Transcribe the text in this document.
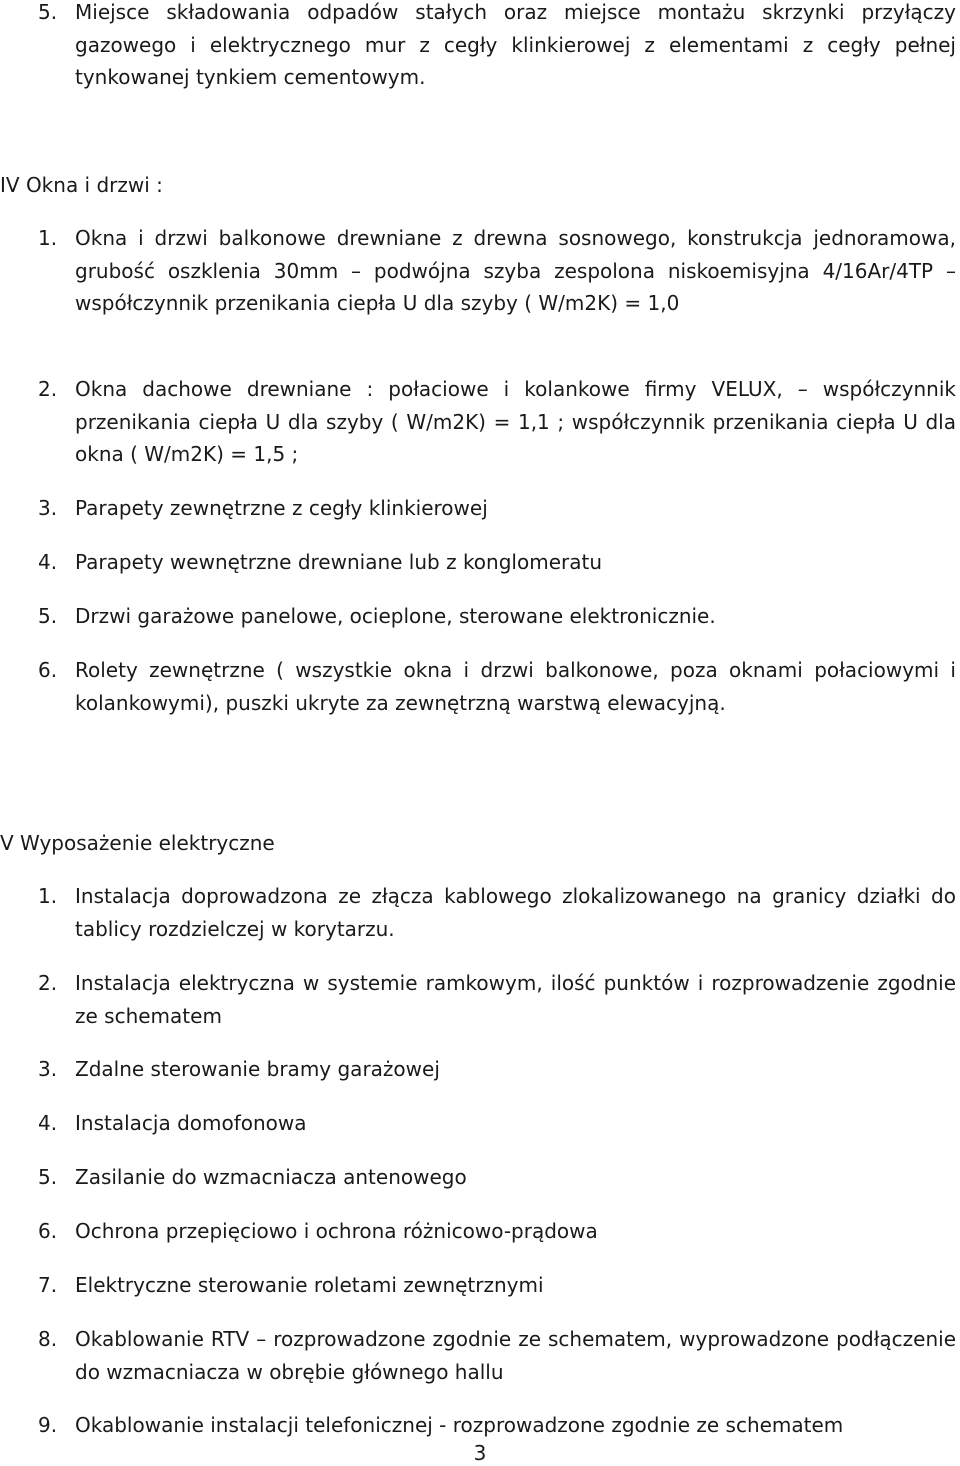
5. Miejsce składowania odpadów stałych oraz miejsce montażu skrzynki przyłączy gazowego i elektrycznego mur z cegły klinkierowej z elementami z cegły pełnej tynkowanej tynkiem cementowym.
IV Okna i drzwi :
1. Okna i drzwi balkonowe drewniane z drewna sosnowego, konstrukcja jednoramowa, grubość oszklenia 30mm – podwójna szyba zespolona niskoemisyjna 4/16Ar/4TP – współczynnik przenikania ciepła U dla szyby ( W/m2K) = 1,0
2. Okna dachowe drewniane : połaciowe i kolankowe firmy VELUX, – współczynnik przenikania ciepła U dla szyby ( W/m2K) = 1,1 ; współczynnik przenikania ciepła U dla okna ( W/m2K) = 1,5 ;
3. Parapety zewnętrzne z cegły klinkierowej
4. Parapety wewnętrzne drewniane lub z konglomeratu
5. Drzwi garażowe panelowe, ocieplone, sterowane elektronicznie.
6. Rolety zewnętrzne ( wszystkie okna i drzwi balkonowe, poza oknami połaciowymi i kolankowymi), puszki ukryte za zewnętrzną warstwą elewacyjną.
V Wyposażenie elektryczne
1. Instalacja doprowadzona ze złącza kablowego zlokalizowanego na granicy działki do tablicy rozdzielczej w korytarzu.
2. Instalacja elektryczna w systemie ramkowym, ilość punktów i rozprowadzenie zgodnie ze schematem
3. Zdalne sterowanie bramy garażowej
4. Instalacja domofonowa
5. Zasilanie do wzmacniacza antenowego
6. Ochrona przepięciowo i ochrona różnicowo-prądowa
7. Elektryczne sterowanie roletami zewnętrznymi
8. Okablowanie RTV – rozprowadzone zgodnie ze schematem, wyprowadzone podłączenie do wzmacniacza w obrębie głównego hallu
9. Okablowanie instalacji telefonicznej - rozprowadzone zgodnie ze schematem
3
